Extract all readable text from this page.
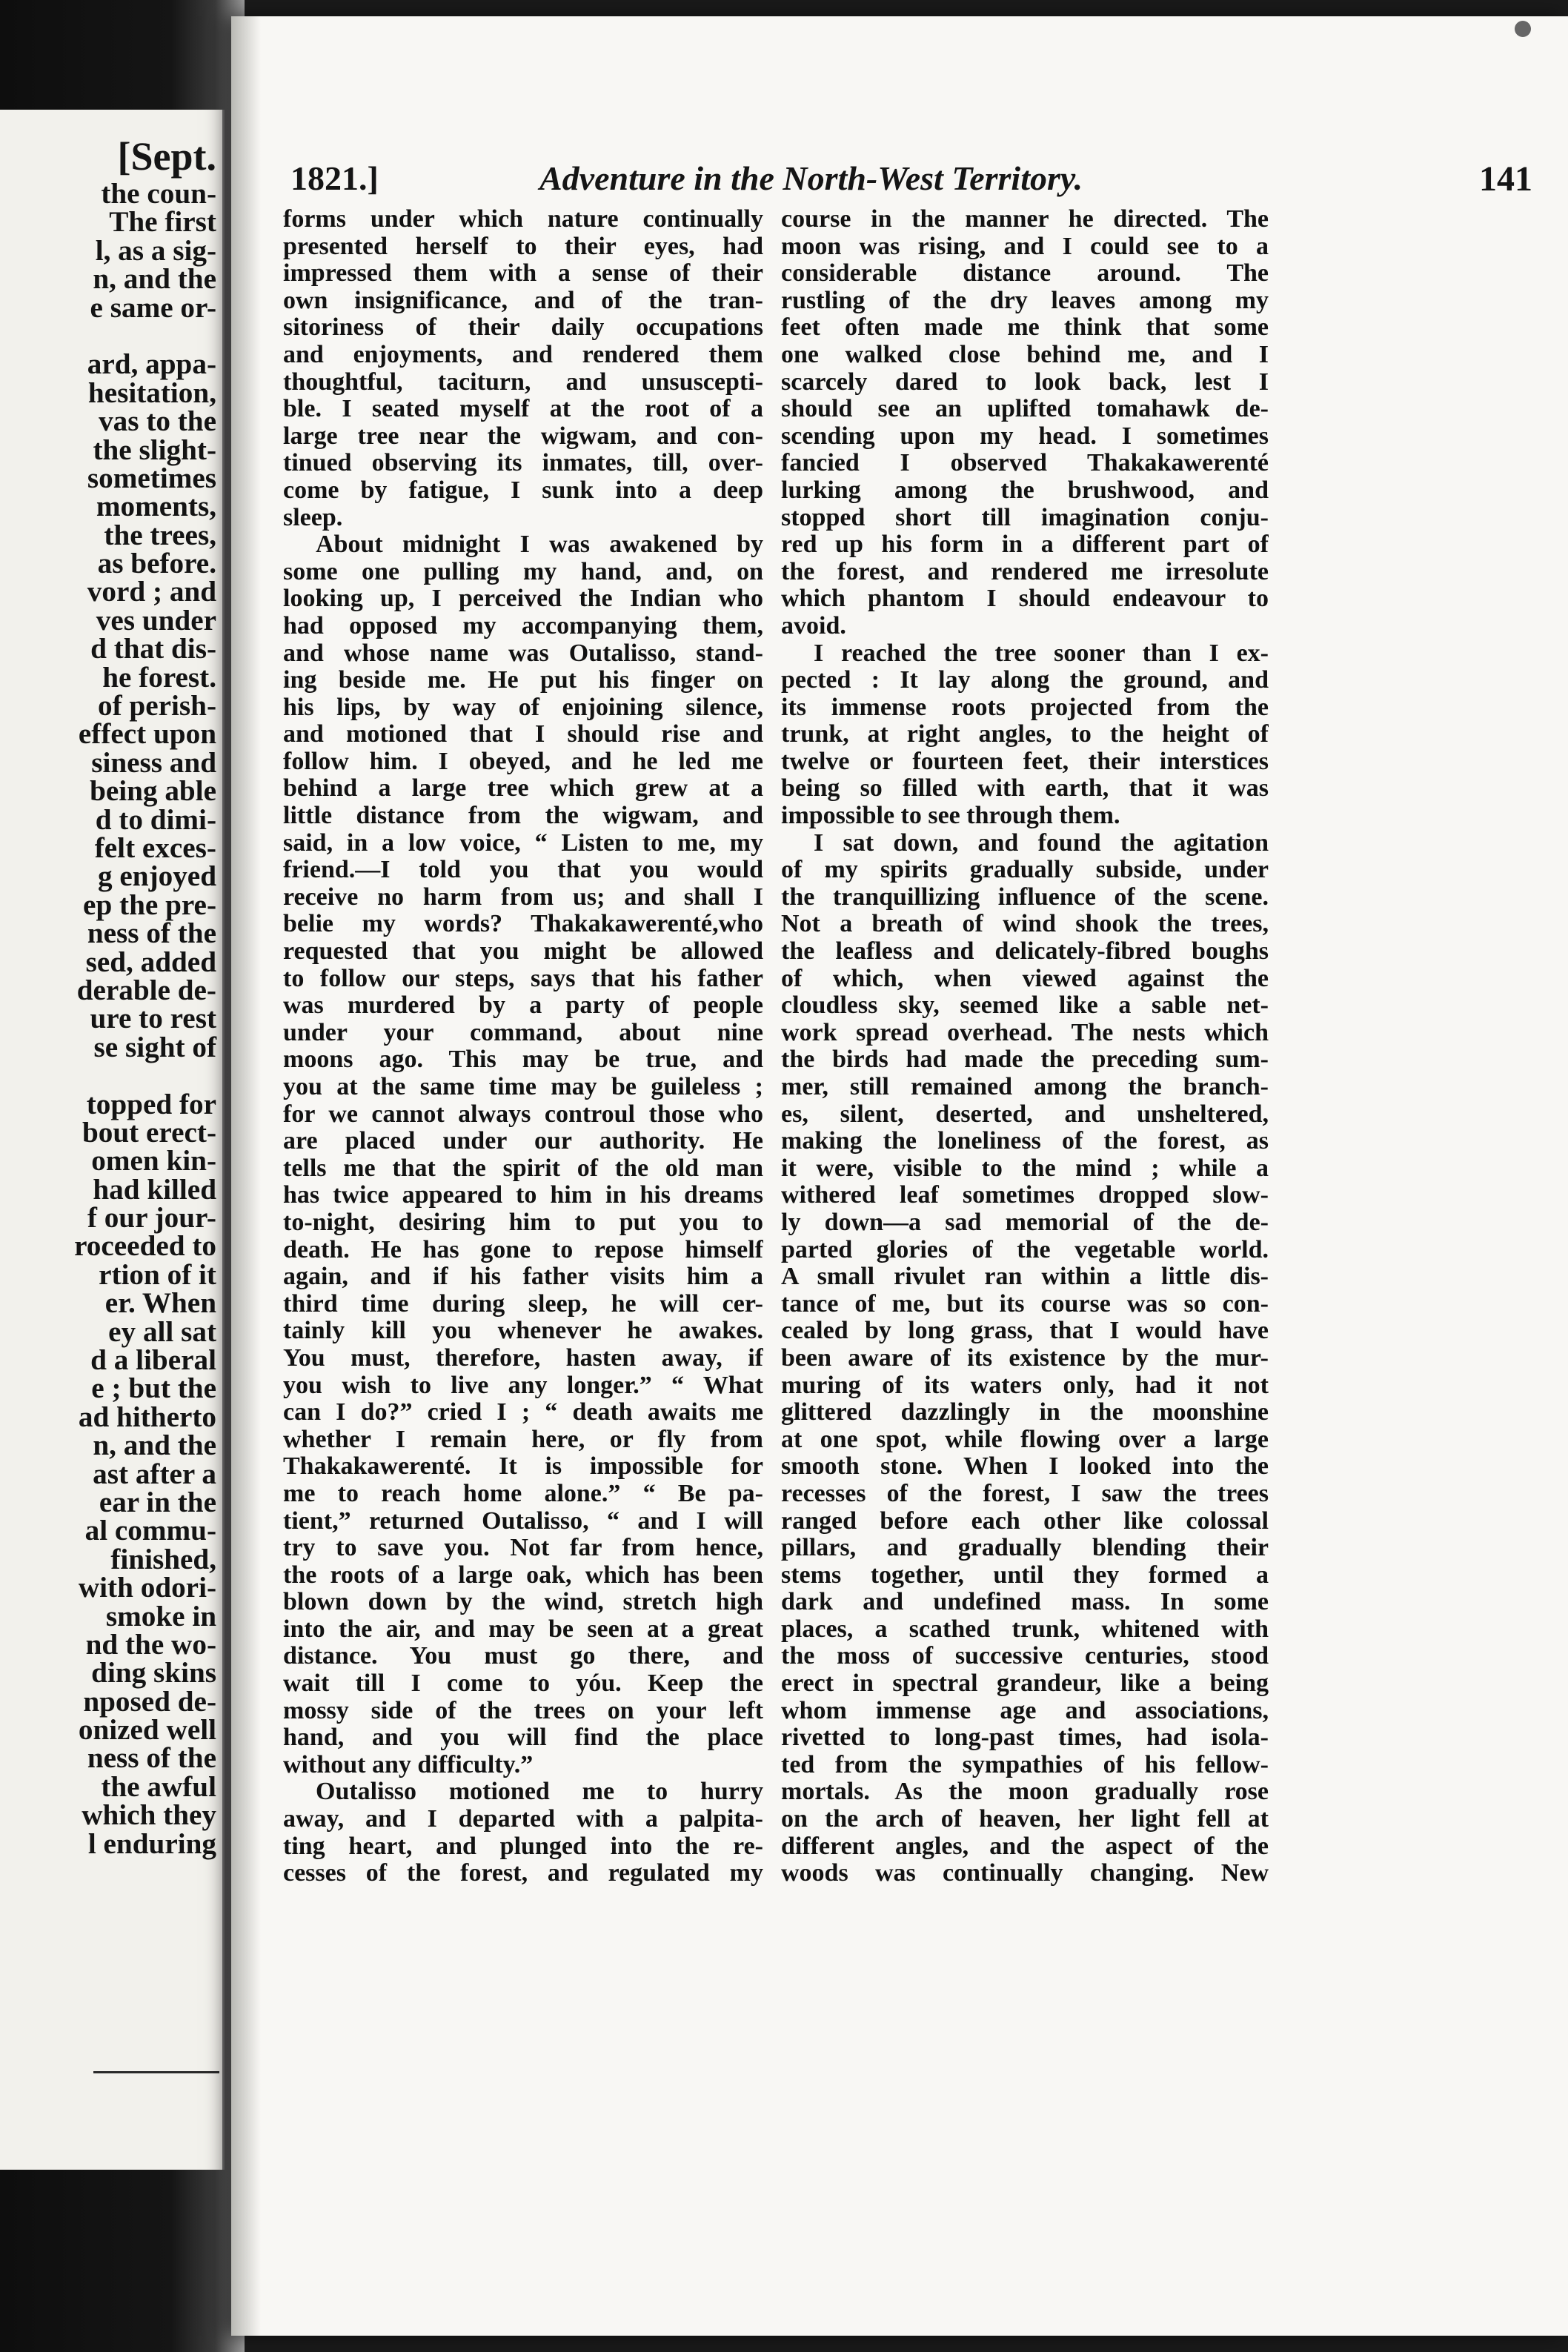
[Sept.
the coun-
The first
l, as a sig-
n, and the
e same or-
ard, appa-
hesitation,
vas to the
the slight-
sometimes
moments,
the trees,
as before.
vord ; and
ves under
d that dis-
he forest.
of perish-
effect upon
siness and
being able
d to dimi-
felt exces-
g enjoyed
ep the pre-
ness of the
sed, added
derable de-
ure to rest
se sight of
topped for
bout erect-
omen kin-
had killed
f our jour-
roceeded to
rtion of it
er. When
ey all sat
d a liberal
e ; but the
ad hitherto
n, and the
ast after a
ear in the
al commu-
finished,
with odori-
smoke in
nd the wo-
ding skins
nposed de-
onized well
ness of the
the awful
which they
l enduring
1821.]	Adventure in the North-West Territory.	141
forms under which nature continually
presented herself to their eyes, had
impressed them with a sense of their
own insignificance, and of the tran-
sitoriness of their daily occupations
and enjoyments, and rendered them
thoughtful, taciturn, and unsuscepti-
ble. I seated myself at the root of a
large tree near the wigwam, and con-
tinued observing its inmates, till, over-
come by fatigue, I sunk into a deep
sleep.
About midnight I was awakened by
some one pulling my hand, and, on
looking up, I perceived the Indian who
had opposed my accompanying them,
and whose name was Outalisso, stand-
ing beside me. He put his finger on
his lips, by way of enjoining silence,
and motioned that I should rise and
follow him. I obeyed, and he led me
behind a large tree which grew at a
little distance from the wigwam, and
said, in a low voice, “ Listen to me, my
friend.—I told you that you would
receive no harm from us; and shall I
belie my words? Thakakawerenté,who
requested that you might be allowed
to follow our steps, says that his father
was murdered by a party of people
under your command, about nine
moons ago. This may be true, and
you at the same time may be guileless ;
for we cannot always controul those who
are placed under our authority. He
tells me that the spirit of the old man
has twice appeared to him in his dreams
to-night, desiring him to put you to
death. He has gone to repose himself
again, and if his father visits him a
third time during sleep, he will cer-
tainly kill you whenever he awakes.
You must, therefore, hasten away, if
you wish to live any longer.” “ What
can I do?” cried I ; “ death awaits me
whether I remain here, or fly from
Thakakawerenté. It is impossible for
me to reach home alone.” “ Be pa-
tient,” returned Outalisso, “ and I will
try to save you. Not far from hence,
the roots of a large oak, which has been
blown down by the wind, stretch high
into the air, and may be seen at a great
distance. You must go there, and
wait till I come to yóu. Keep the
mossy side of the trees on your left
hand, and you will find the place
without any difficulty.”
Outalisso motioned me to hurry
away, and I departed with a palpita-
ting heart, and plunged into the re-
cesses of the forest, and regulated my
course in the manner he directed. The
moon was rising, and I could see to a
considerable distance around. The
rustling of the dry leaves among my
feet often made me think that some
one walked close behind me, and I
scarcely dared to look back, lest I
should see an uplifted tomahawk de-
scending upon my head. I sometimes
fancied I observed Thakakawerenté
lurking among the brushwood, and
stopped short till imagination conju-
red up his form in a different part of
the forest, and rendered me irresolute
which phantom I should endeavour to
avoid.
I reached the tree sooner than I ex-
pected : It lay along the ground, and
its immense roots projected from the
trunk, at right angles, to the height of
twelve or fourteen feet, their interstices
being so filled with earth, that it was
impossible to see through them.
I sat down, and found the agitation
of my spirits gradually subside, under
the tranquillizing influence of the scene.
Not a breath of wind shook the trees,
the leafless and delicately-fibred boughs
of which, when viewed against the
cloudless sky, seemed like a sable net-
work spread overhead. The nests which
the birds had made the preceding sum-
mer, still remained among the branch-
es, silent, deserted, and unsheltered,
making the loneliness of the forest, as
it were, visible to the mind ; while a
withered leaf sometimes dropped slow-
ly down—a sad memorial of the de-
parted glories of the vegetable world.
A small rivulet ran within a little dis-
tance of me, but its course was so con-
cealed by long grass, that I would have
been aware of its existence by the mur-
muring of its waters only, had it not
glittered dazzlingly in the moonshine
at one spot, while flowing over a large
smooth stone. When I looked into the
recesses of the forest, I saw the trees
ranged before each other like colossal
pillars, and gradually blending their
stems together, until they formed a
dark and undefined mass. In some
places, a scathed trunk, whitened with
the moss of successive centuries, stood
erect in spectral grandeur, like a being
whom immense age and associations,
rivetted to long-past times, had isola-
ted from the sympathies of his fellow-
mortals. As the moon gradually rose
on the arch of heaven, her light fell at
different angles, and the aspect of the
woods was continually changing. New
